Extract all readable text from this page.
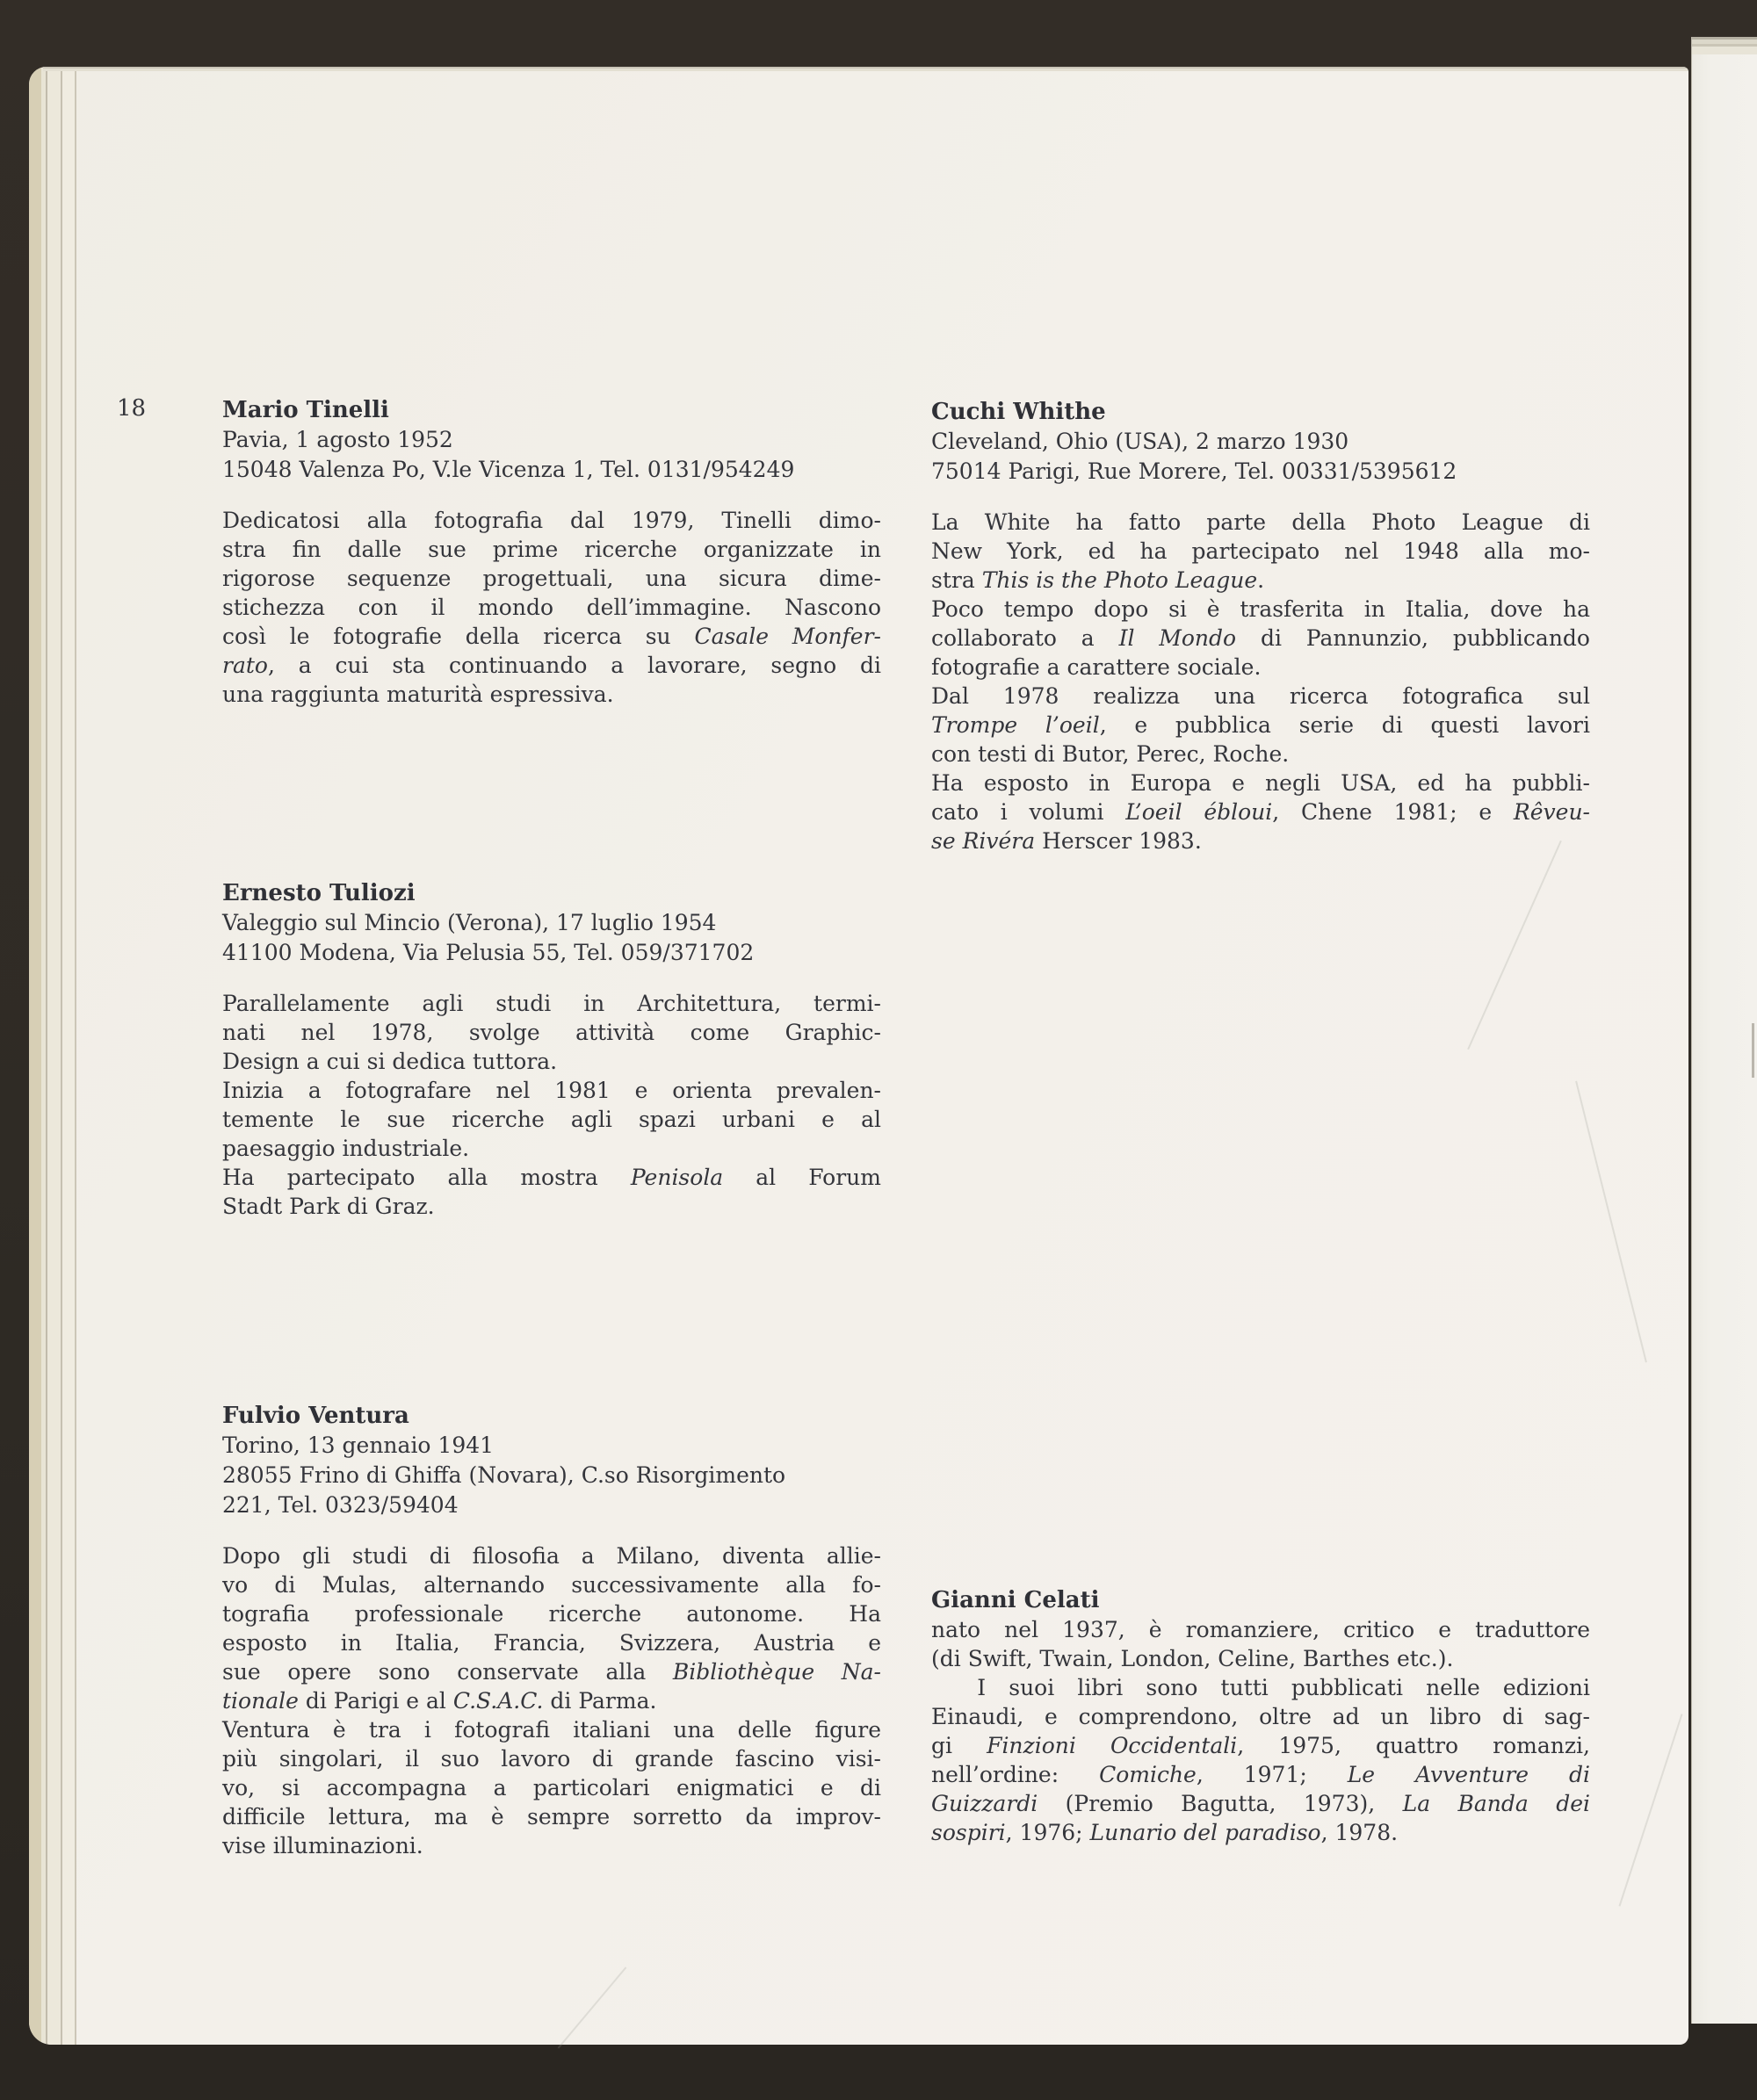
18	Mario Tinelli
Pavia, 1 agosto 1952
15048 Valenza Po, V.le Vicenza 1, Tel. 0131/954249
Dedicatosi alla fotografia dal 1979, Tinelli dimo-
stra fin dalle sue prime ricerche organizzate in
rigorose sequenze progettuali, una sicura dime-
stichezza con il mondo dell’immagine. Nascono
così le fotografie della ricerca su Casale Monfer-
rato, a cui sta continuando a lavorare, segno di
una raggiunta maturità espressiva.
Ernesto Tuliozi
Valeggio sul Mincio (Verona), 17 luglio 1954
41100 Modena, Via Pelusia 55, Tel. 059/371702
Parallelamente agli studi in Architettura, termi-
nati nel 1978, svolge attività come Graphic-
Design a cui si dedica tuttora.
Inizia a fotografare nel 1981 e orienta prevalen-
temente le sue ricerche agli spazi urbani e al
paesaggio industriale.
Ha partecipato alla mostra Penisola al Forum
Stadt Park di Graz.
Fulvio Ventura
Torino, 13 gennaio 1941
28055 Frino di Ghiffa (Novara), C.so Risorgimento
221, Tel. 0323/59404
Dopo gli studi di filosofia a Milano, diventa allie-
vo di Mulas, alternando successivamente alla fo-
tografia professionale ricerche autonome. Ha
esposto in Italia, Francia, Svizzera, Austria e
sue opere sono conservate alla Bibliothèque Na-
tionale di Parigi e al C.S.A.C. di Parma.
Ventura è tra i fotografi italiani una delle figure
più singolari, il suo lavoro di grande fascino visi-
vo, si accompagna a particolari enigmatici e di
difficile lettura, ma è sempre sorretto da improv-
vise illuminazioni.
Cuchi Whithe
Cleveland, Ohio (USA), 2 marzo 1930
75014 Parigi, Rue Morere, Tel. 00331/5395612
La White ha fatto parte della Photo League di
New York, ed ha partecipato nel 1948 alla mo-
stra This is the Photo League.
Poco tempo dopo si è trasferita in Italia, dove ha
collaborato a Il Mondo di Pannunzio, pubblicando
fotografie a carattere sociale.
Dal 1978 realizza una ricerca fotografica sul
Trompe l’oeil, e pubblica serie di questi lavori
con testi di Butor, Perec, Roche.
Ha esposto in Europa e negli USA, ed ha pubbli-
cato i volumi L’oeil ébloui, Chene 1981; e Rêveu-
se Rivéra Herscer 1983.
Gianni Celati
nato nel 1937, è romanziere, critico e traduttore
(di Swift, Twain, London, Celine, Barthes etc.).
I suoi libri sono tutti pubblicati nelle edizioni
Einaudi, e comprendono, oltre ad un libro di sag-
gi Finzioni Occidentali, 1975, quattro romanzi,
nell’ordine: Comiche, 1971; Le Avventure di
Guizzardi (Premio Bagutta, 1973), La Banda dei
sospiri, 1976; Lunario del paradiso, 1978.
